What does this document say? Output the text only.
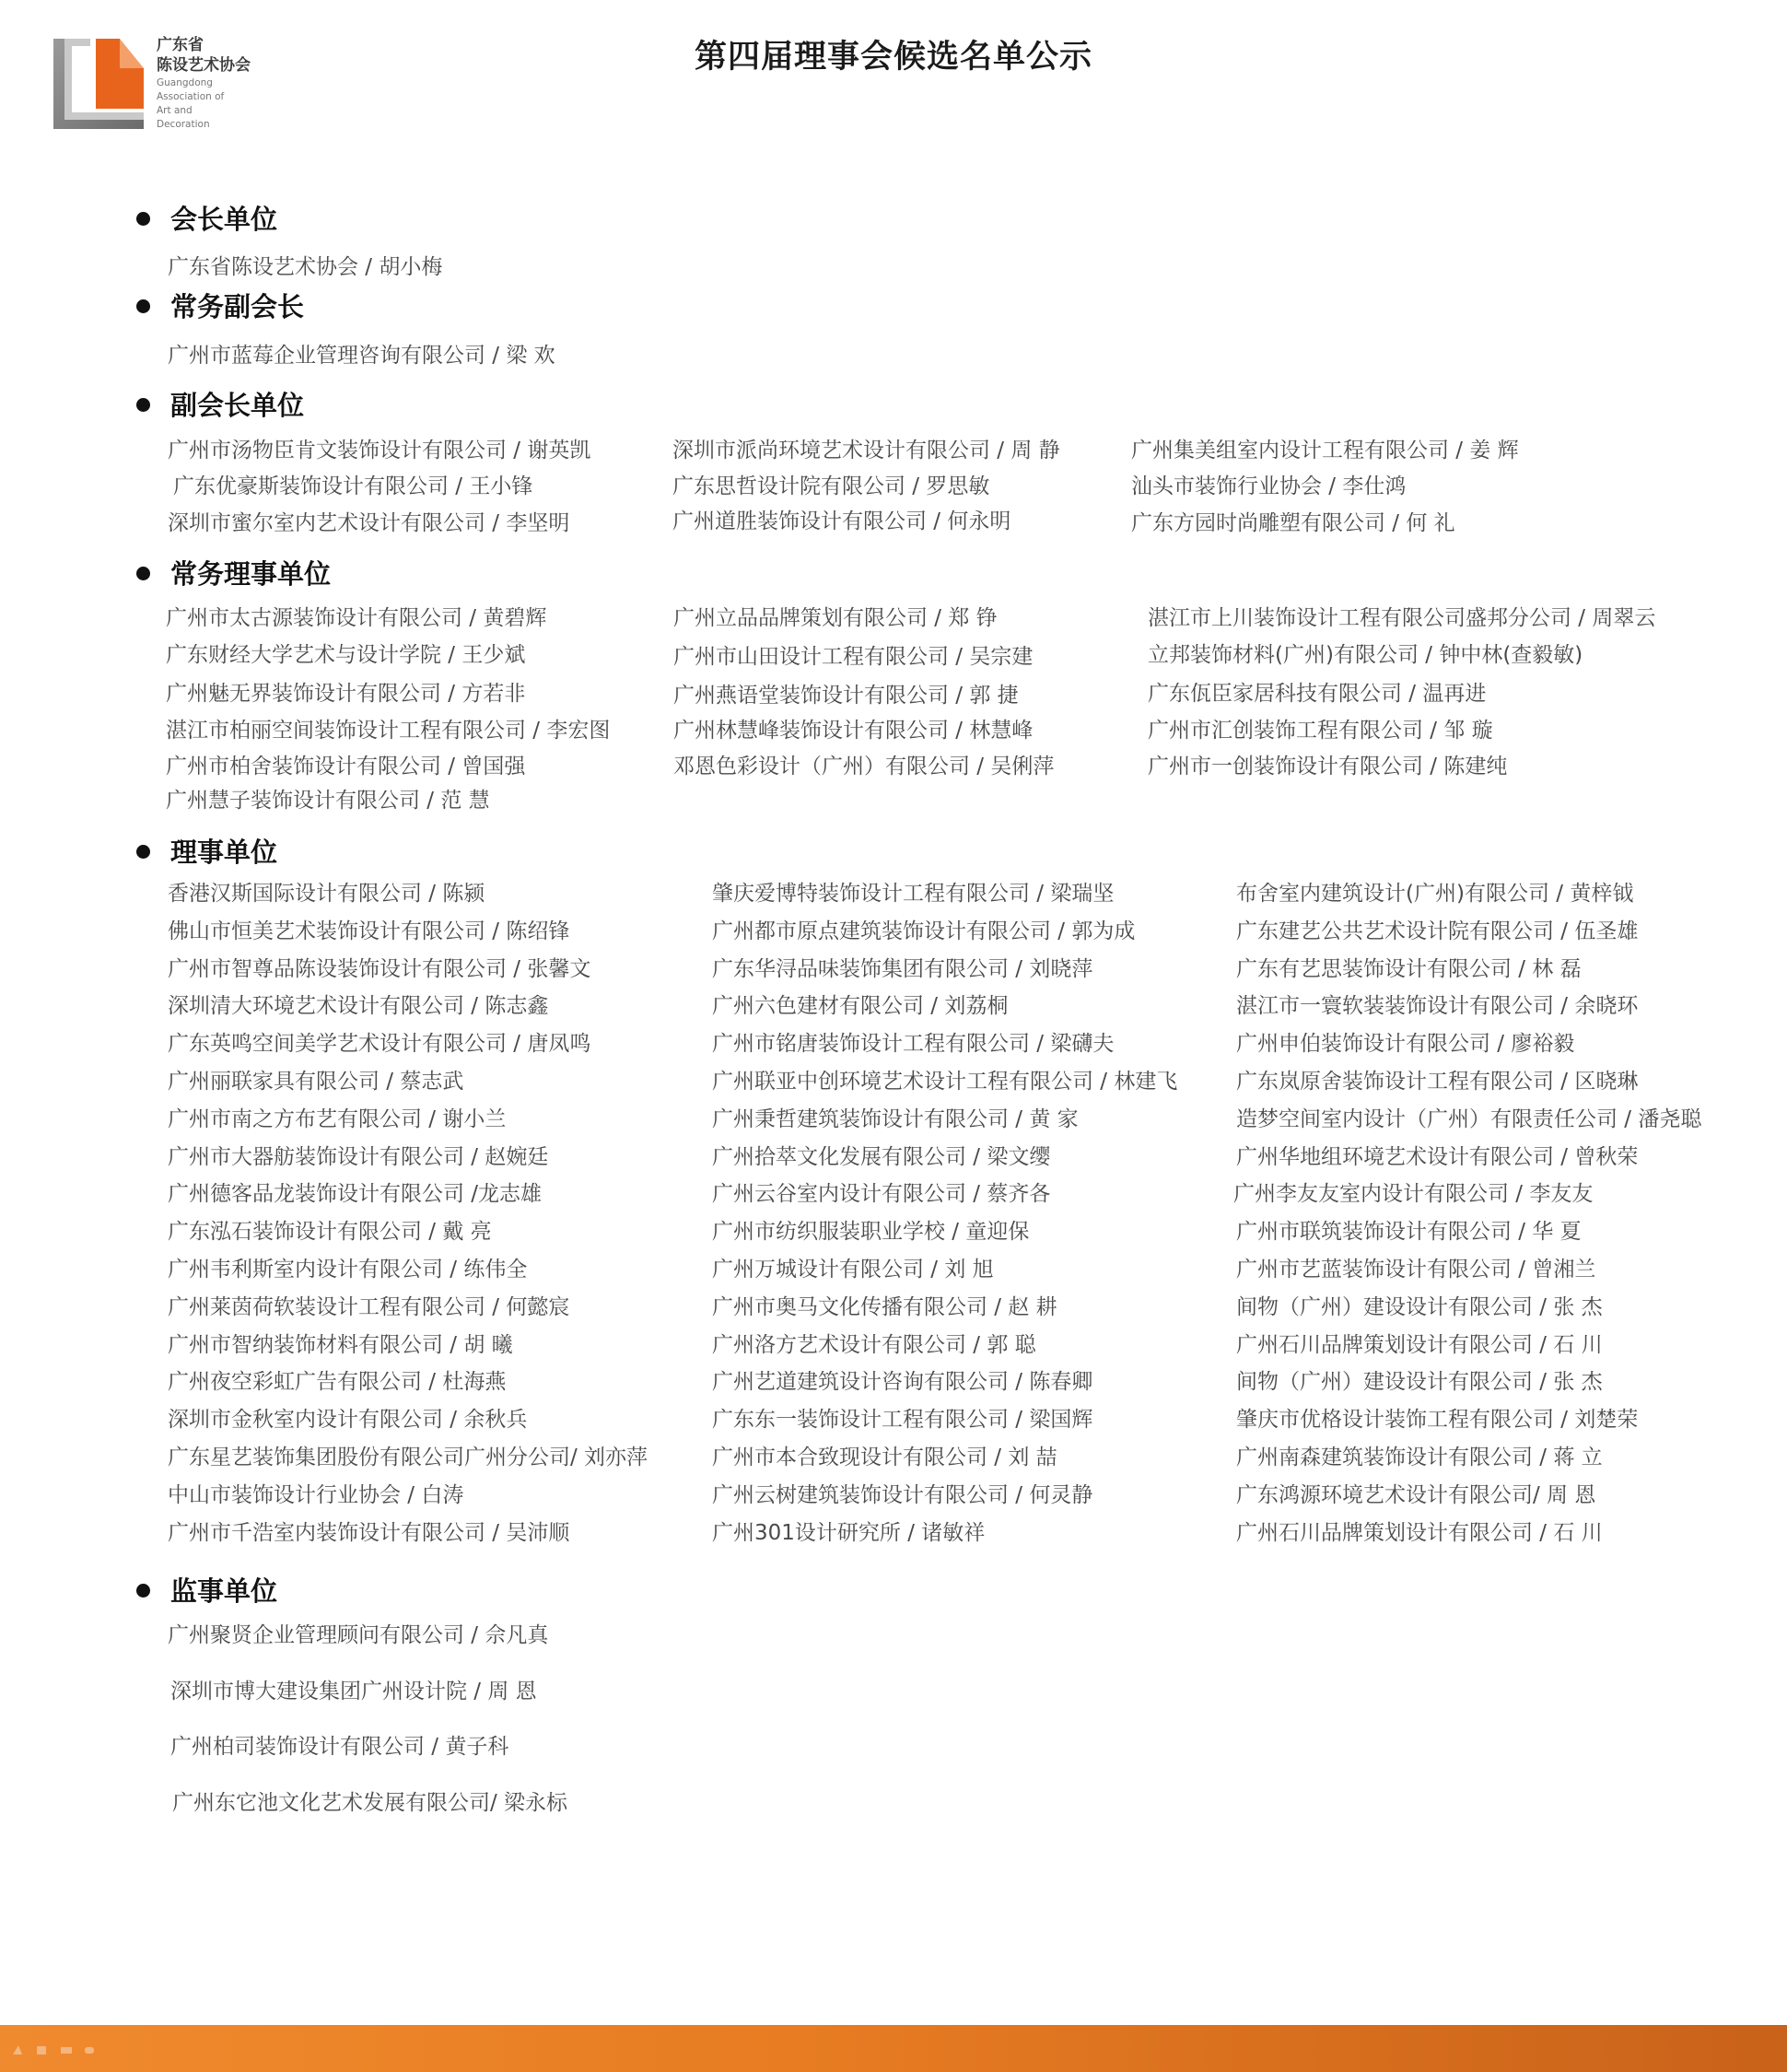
广东省
陈设艺术协会
Guangdong
Association of
Art and
Decoration
第四届理事会候选名单公示
会长单位
广东省陈设艺术协会 / 胡小梅
常务副会长
广州市蓝莓企业管理咨询有限公司 / 梁 欢
副会长单位
广州市汤物臣肯文装饰设计有限公司 / 谢英凯
广东优豪斯装饰设计有限公司 / 王小锋
深圳市蜜尔室内艺术设计有限公司 / 李坚明
深圳市派尚环境艺术设计有限公司 / 周 静
广东思哲设计院有限公司 / 罗思敏
广州道胜装饰设计有限公司 / 何永明
广州集美组室内设计工程有限公司 / 姜 辉
汕头市装饰行业协会 / 李仕鸿
广东方园时尚雕塑有限公司 / 何 礼
常务理事单位
广州市太古源装饰设计有限公司 / 黄碧辉
广东财经大学艺术与设计学院 / 王少斌
广州魅无界装饰设计有限公司 / 方若非
湛江市柏丽空间装饰设计工程有限公司 / 李宏图
广州市柏舍装饰设计有限公司 / 曾国强
广州慧子装饰设计有限公司 / 范 慧
广州立品品牌策划有限公司 / 郑 铮
广州市山田设计工程有限公司 / 吴宗建
广州燕语堂装饰设计有限公司 / 郭 捷
广州林慧峰装饰设计有限公司 / 林慧峰
邓恩色彩设计（广州）有限公司 / 吴俐萍
湛江市上川装饰设计工程有限公司盛邦分公司 / 周翠云
立邦装饰材料(广州)有限公司 / 钟中林(查毅敏)
广东佤臣家居科技有限公司 / 温再进
广州市汇创装饰工程有限公司 / 邹 璇
广州市一创装饰设计有限公司 / 陈建纯
理事单位
香港汉斯国际设计有限公司 / 陈颍
佛山市恒美艺术装饰设计有限公司 / 陈绍锋
广州市智尊品陈设装饰设计有限公司 / 张馨文
深圳清大环境艺术设计有限公司 / 陈志鑫
广东英鸣空间美学艺术设计有限公司 / 唐凤鸣
广州丽联家具有限公司 / 蔡志武
广州市南之方布艺有限公司 / 谢小兰
广州市大器舫装饰设计有限公司 / 赵婉廷
广州德客品龙装饰设计有限公司 /龙志雄
广东泓石装饰设计有限公司 / 戴 亮
广州韦利斯室内设计有限公司 / 练伟全
广州莱茵荷软装设计工程有限公司 / 何懿宸
广州市智纳装饰材料有限公司 / 胡 曦
广州夜空彩虹广告有限公司 / 杜海燕
深圳市金秋室内设计有限公司 / 余秋兵
广东星艺装饰集团股份有限公司广州分公司/ 刘亦萍
中山市装饰设计行业协会 / 白涛
广州市千浩室内装饰设计有限公司 / 吴沛顺
肇庆爱博特装饰设计工程有限公司 / 梁瑞坚
广州都市原点建筑装饰设计有限公司 / 郭为成
广东华浔品味装饰集团有限公司 / 刘晓萍
广州六色建材有限公司 / 刘荔桐
广州市铭唐装饰设计工程有限公司 / 梁礴夫
广州联亚中创环境艺术设计工程有限公司 / 林建飞
广州秉哲建筑装饰设计有限公司 / 黄 家
广州拾萃文化发展有限公司 / 梁文缨
广州云谷室内设计有限公司 / 蔡齐各
广州市纺织服装职业学校 / 童迎保
广州万城设计有限公司 / 刘 旭
广州市奥马文化传播有限公司 / 赵 耕
广州洛方艺术设计有限公司 / 郭 聪
广州艺道建筑设计咨询有限公司 / 陈春卿
广东东一装饰设计工程有限公司 / 梁国辉
广州市本合致现设计有限公司 / 刘 喆
广州云树建筑装饰设计有限公司 / 何灵静
广州301设计研究所 / 诸敏祥
布舍室内建筑设计(广州)有限公司 / 黄梓钺
广东建艺公共艺术设计院有限公司 / 伍圣雄
广东有艺思装饰设计有限公司 / 林 磊
湛江市一寰软装装饰设计有限公司 / 余晓环
广州申伯装饰设计有限公司 / 廖裕毅
广东岚原舍装饰设计工程有限公司 / 区晓琳
造梦空间室内设计（广州）有限责任公司 / 潘尧聪
广州华地组环境艺术设计有限公司 / 曾秋荣
广州李友友室内设计有限公司 / 李友友
广州市联筑装饰设计有限公司 / 华 夏
广州市艺蓝装饰设计有限公司 / 曾湘兰
间物（广州）建设设计有限公司 / 张 杰
广州石川品牌策划设计有限公司 / 石 川
间物（广州）建设设计有限公司 / 张 杰
肇庆市优格设计装饰工程有限公司 / 刘楚荣
广州南森建筑装饰设计有限公司 / 蒋 立
广东鸿源环境艺术设计有限公司/ 周 恩
广州石川品牌策划设计有限公司 / 石 川
监事单位
广州聚贤企业管理顾问有限公司 / 佘凡真
深圳市博大建设集团广州设计院 / 周 恩
广州柏司装饰设计有限公司 / 黄子科
广州东它池文化艺术发展有限公司/ 梁永标
